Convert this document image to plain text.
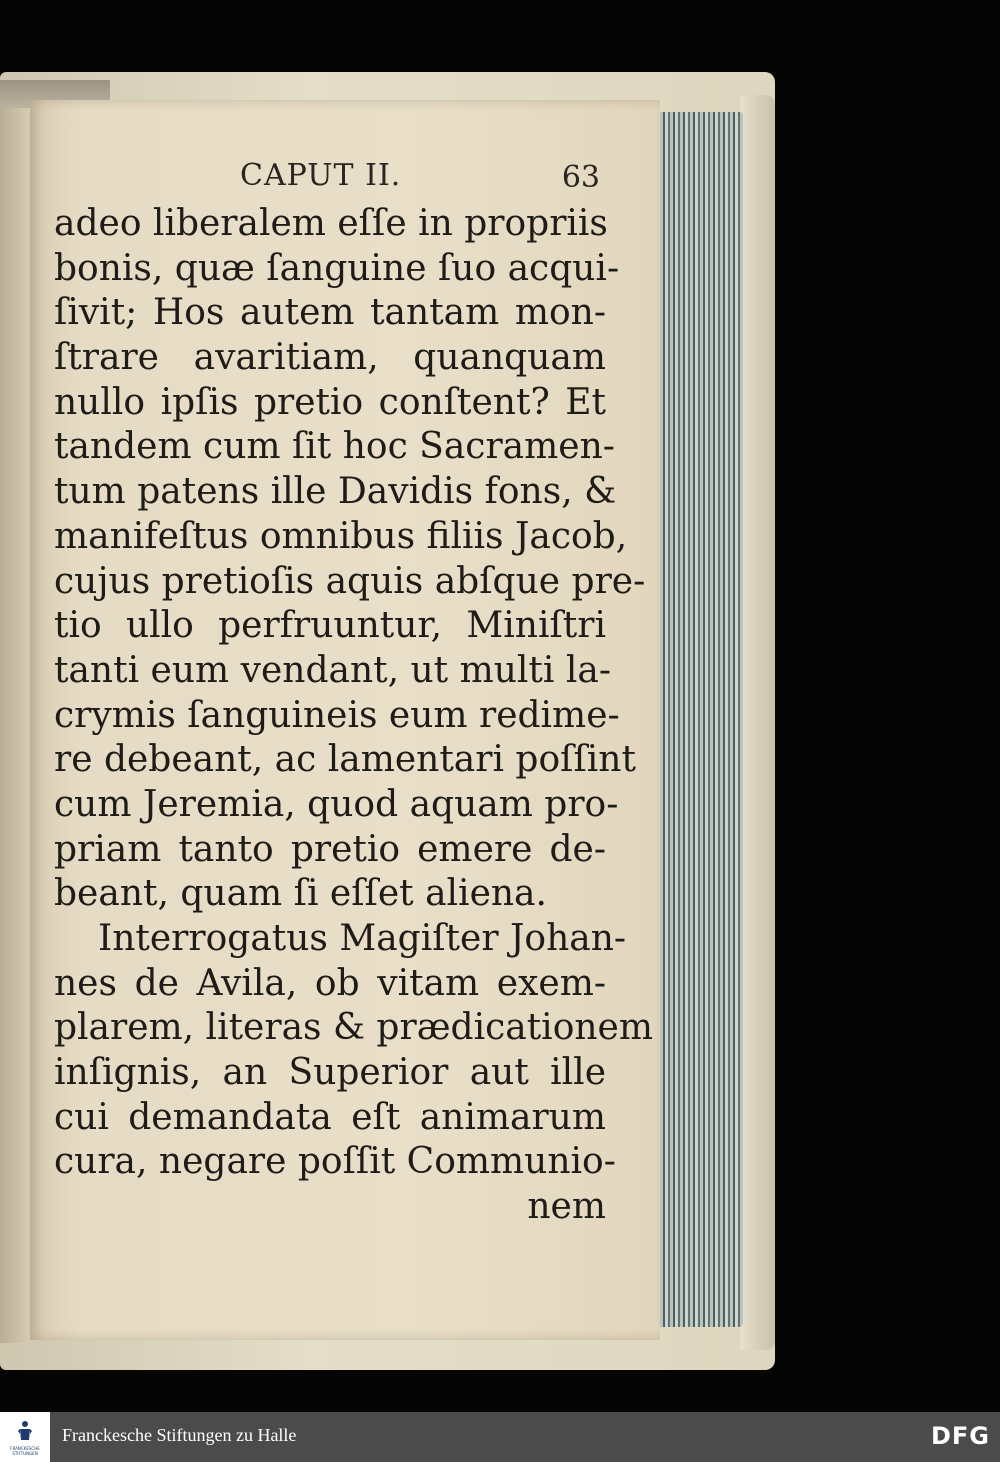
CAPUT II.	63
adeo liberalem eſſe in propriis
bonis, quæ ſanguine ſuo acqui-
ſivit; Hos autem tantam mon-
ſtrare avaritiam, quanquam
nullo ipſis pretio conſtent? Et
tandem cum ſit hoc Sacramen-
tum patens ille Davidis fons, &
manifeſtus omnibus filiis Jacob,
cujus pretioſis aquis abſque pre-
tio ullo perfruuntur, Miniſtri
tanti eum vendant, ut multi la-
crymis ſanguineis eum redime-
re debeant, ac lamentari poſſint
cum Jeremia, quod aquam pro-
priam tanto pretio emere de-
beant, quam ſi eſſet aliena.
Interrogatus Magiſter Johan-
nes de Avila, ob vitam exem-
plarem, literas & prædicationem
inſignis, an Superior aut ille
cui demandata eſt animarum
cura, negare poſſit Communio-
nem
FRANCKESCHE
STIFTUNGEN
Franckesche Stiftungen zu Halle	DFG
